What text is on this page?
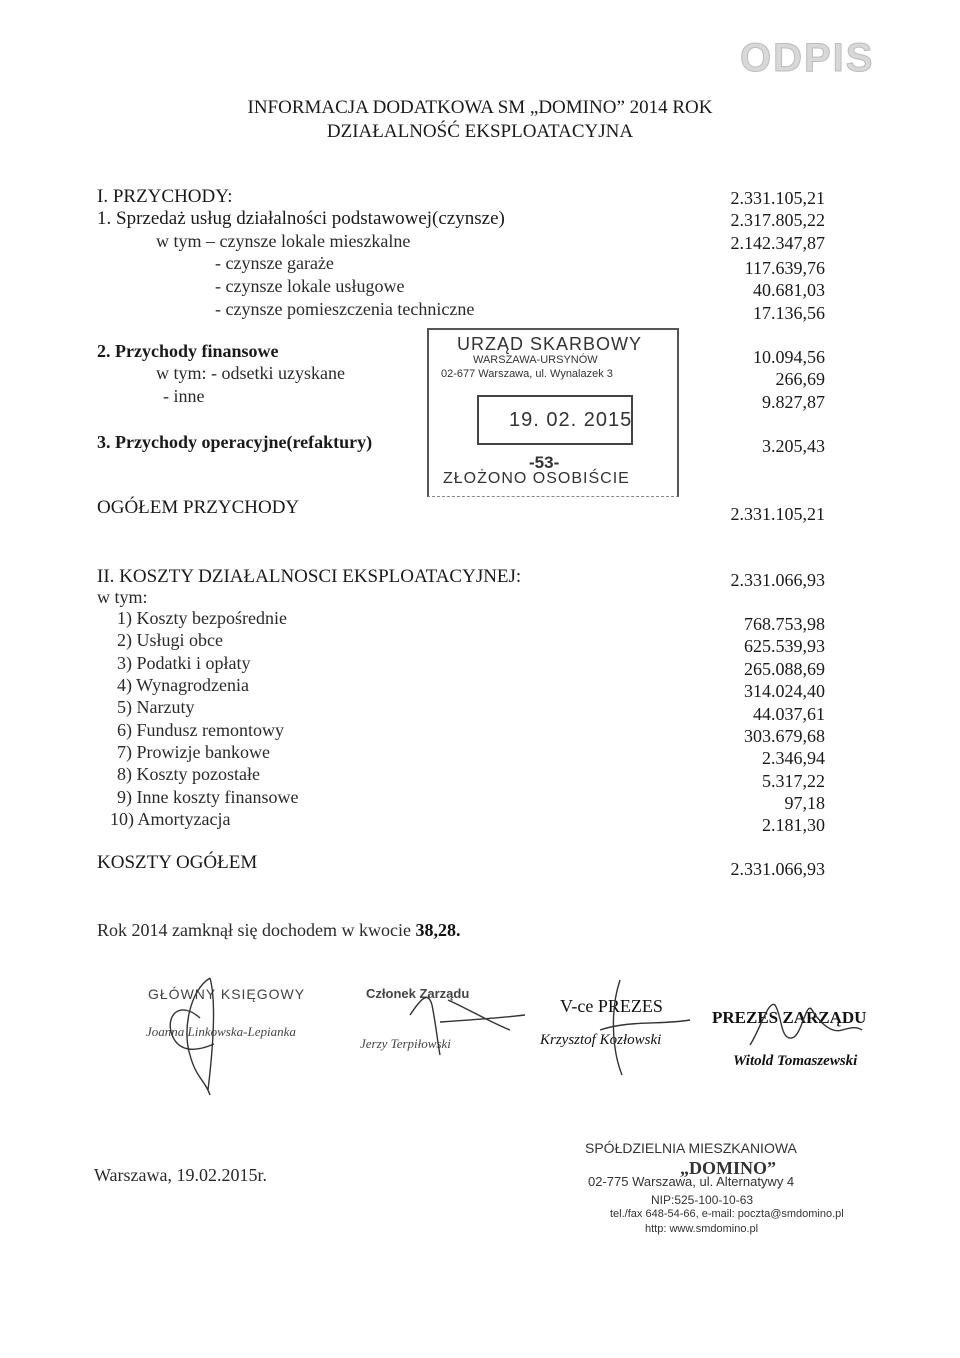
ODPIS
INFORMACJA DODATKOWA SM „DOMINO” 2014 ROK
DZIAŁALNOŚĆ EKSPLOATACYJNA
I. PRZYCHODY:	2.331.105,21
1. Sprzedaż usług działalności podstawowej(czynsze)	2.317.805,22
w tym – czynsze lokale mieszkalne	2.142.347,87
- czynsze garaże	117.639,76
- czynsze lokale usługowe	40.681,03
- czynsze pomieszczenia techniczne	17.136,56
2. Przychody finansowe	10.094,56
w tym: - odsetki uzyskane	266,69
- inne	9.827,87
3. Przychody operacyjne(refaktury)	3.205,43
OGÓŁEM PRZYCHODY	2.331.105,21
URZĄD SKARBOWY
WARSZAWA-URSYNÓW
02-677 Warszawa, ul. Wynalazek 3
19. 02. 2015
-53-
ZŁOŻONO OSOBIŚCIE
II. KOSZTY DZIAŁALNOSCI EKSPLOATACYJNEJ:	2.331.066,93
w tym:
1) Koszty bezpośrednie	768.753,98
2) Usługi obce	625.539,93
3) Podatki i opłaty	265.088,69
4) Wynagrodzenia	314.024,40
5) Narzuty	44.037,61
6) Fundusz remontowy	303.679,68
7) Prowizje bankowe	2.346,94
8) Koszty pozostałe	5.317,22
9) Inne koszty finansowe	97,18
10) Amortyzacja	2.181,30
KOSZTY OGÓŁEM	2.331.066,93
Rok 2014 zamknął się dochodem w kwocie 38,28.
GŁÓWNY KSIĘGOWY
Joanna Linkowska-Lepianka
Członek Zarządu
Jerzy Terpiłowski
V-ce PREZES
Krzysztof Kozłowski
PREZES ZARZĄDU
Witold Tomaszewski
Warszawa, 19.02.2015r.
SPÓŁDZIELNIA MIESZKANIOWA
„DOMINO”
02-775 Warszawa, ul. Alternatywy 4
NIP:525-100-10-63
tel./fax 648-54-66, e-mail: poczta@smdomino.pl
http: www.smdomino.pl
